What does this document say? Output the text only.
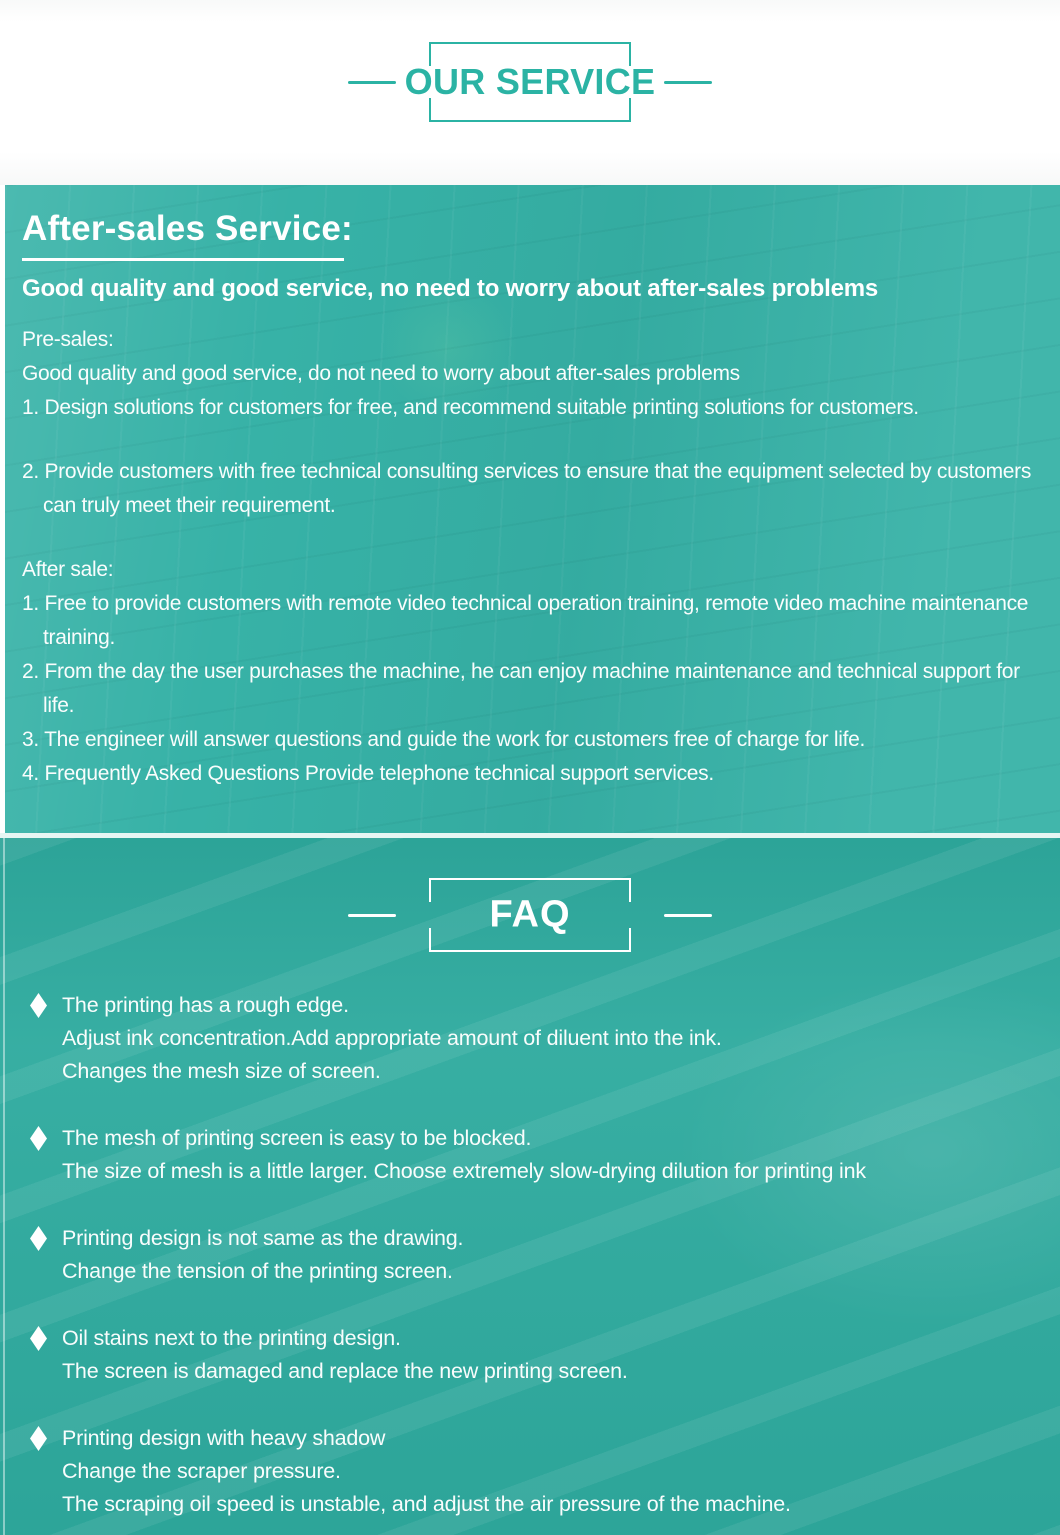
OUR SERVICE
After-sales Service:

Good quality and good service, no need to worry about after-sales problems

Pre-sales:

Good quality and good service, do not need to worry about after-sales problems

1. Design solutions for customers for free, and recommend suitable printing solutions for customers.

2. Provide customers with free technical consulting services to ensure that the equipment selected by customers can truly meet their requirement.

After sale:

1. Free to provide customers with remote video technical operation training, remote video machine maintenance training.

2. From the day the user purchases the machine, he can enjoy machine maintenance and technical support for life.

3. The engineer will answer questions and guide the work for customers free of charge for life.

4. Frequently Asked Questions Provide telephone technical support services.

FAQ

The printing has a rough edge.

Adjust ink concentration.Add appropriate amount of diluent into the ink.

Changes the mesh size of screen.

The mesh of printing screen is easy to be blocked.

The size of mesh is a little larger. Choose extremely slow-drying dilution for printing ink

Printing design is not same as the drawing.

Change the tension of the printing screen.

Oil stains next to the printing design.

The screen is damaged and replace the new printing screen.

Printing design with heavy shadow

Change the scraper pressure.

The scraping oil speed is unstable, and adjust the air pressure of the machine.
